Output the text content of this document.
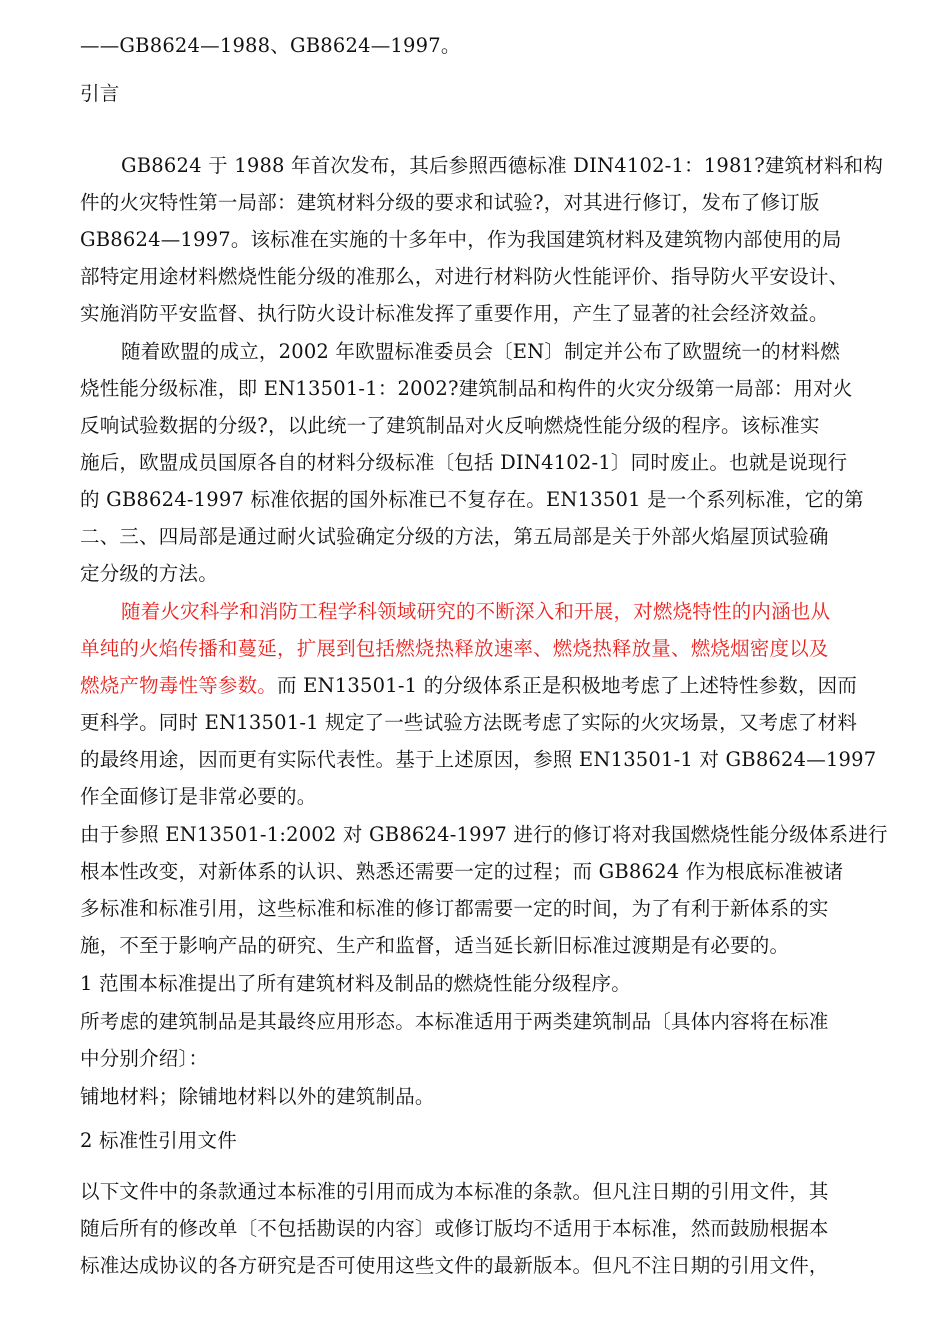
——GB8624—1988、GB8624—1997。
引言
GB8624 于 1988 年首次发布，其后参照西德标准 DIN4102-1：1981?建筑材料和构
件的火灾特性第一局部：建筑材料分级的要求和试验?，对其进行修订，发布了修订版
GB8624—1997。该标准在实施的十多年中，作为我国建筑材料及建筑物内部使用的局
部特定用途材料燃烧性能分级的准那么，对进行材料防火性能评价、指导防火平安设计、
实施消防平安监督、执行防火设计标准发挥了重要作用，产生了显著的社会经济效益。
随着欧盟的成立，2002 年欧盟标准委员会〔EN〕制定并公布了欧盟统一的材料燃
烧性能分级标准，即 EN13501-1：2002?建筑制品和构件的火灾分级第一局部：用对火
反响试验数据的分级?，以此统一了建筑制品对火反响燃烧性能分级的程序。该标准实
施后，欧盟成员国原各自的材料分级标准〔包括 DIN4102-1〕同时废止。也就是说现行
的 GB8624-1997 标准依据的国外标准已不复存在。EN13501 是一个系列标准，它的第
二、三、四局部是通过耐火试验确定分级的方法，第五局部是关于外部火焰屋顶试验确
定分级的方法。
随着火灾科学和消防工程学科领域研究的不断深入和开展，对燃烧特性的内涵也从
单纯的火焰传播和蔓延，扩展到包括燃烧热释放速率、燃烧热释放量、燃烧烟密度以及
燃烧产物毒性等参数。而 EN13501-1 的分级体系正是积极地考虑了上述特性参数，因而
更科学。同时 EN13501-1 规定了一些试验方法既考虑了实际的火灾场景，又考虑了材料
的最终用途，因而更有实际代表性。基于上述原因，参照 EN13501-1 对 GB8624—1997
作全面修订是非常必要的。
由于参照 EN13501-1:2002 对 GB8624-1997 进行的修订将对我国燃烧性能分级体系进行
根本性改变，对新体系的认识、熟悉还需要一定的过程；而 GB8624 作为根底标准被诸
多标准和标准引用，这些标准和标准的修订都需要一定的时间，为了有利于新体系的实
施，不至于影响产品的研究、生产和监督，适当延长新旧标准过渡期是有必要的。
1 范围本标准提出了所有建筑材料及制品的燃烧性能分级程序。
所考虑的建筑制品是其最终应用形态。本标准适用于两类建筑制品〔具体内容将在标准
中分别介绍〕：
铺地材料；除铺地材料以外的建筑制品。
2 标准性引用文件
以下文件中的条款通过本标准的引用而成为本标准的条款。但凡注日期的引用文件，其
随后所有的修改单〔不包括勘误的内容〕或修订版均不适用于本标准，然而鼓励根据本
标准达成协议的各方研究是否可使用这些文件的最新版本。但凡不注日期的引用文件，
